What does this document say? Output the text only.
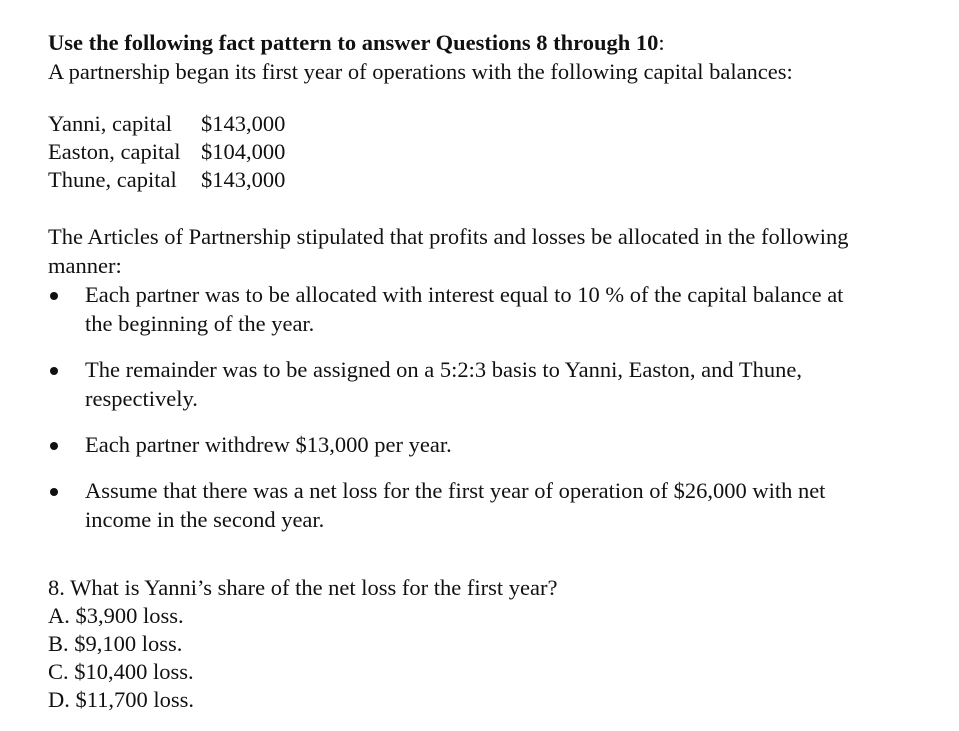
Use the following fact pattern to answer Questions 8 through 10:
A partnership began its first year of operations with the following capital balances:
Yanni, capital	$143,000
Easton, capital $104,000
Thune, capital	$143,000
The Articles of Partnership stipulated that profits and losses be allocated in the following
manner:
Each partner was to be allocated with interest equal to 10 % of the capital balance at
the beginning of the year.
The remainder was to be assigned on a 5:2:3 basis to Yanni, Easton, and Thune,
respectively.
Each partner withdrew $13,000 per year.
Assume that there was a net loss for the first year of operation of $26,000 with net
income in the second year.
8. What is Yanni’s share of the net loss for the first year?
A. $3,900 loss.
B. $9,100 loss.
C. $10,400 loss.
D. $11,700 loss.
